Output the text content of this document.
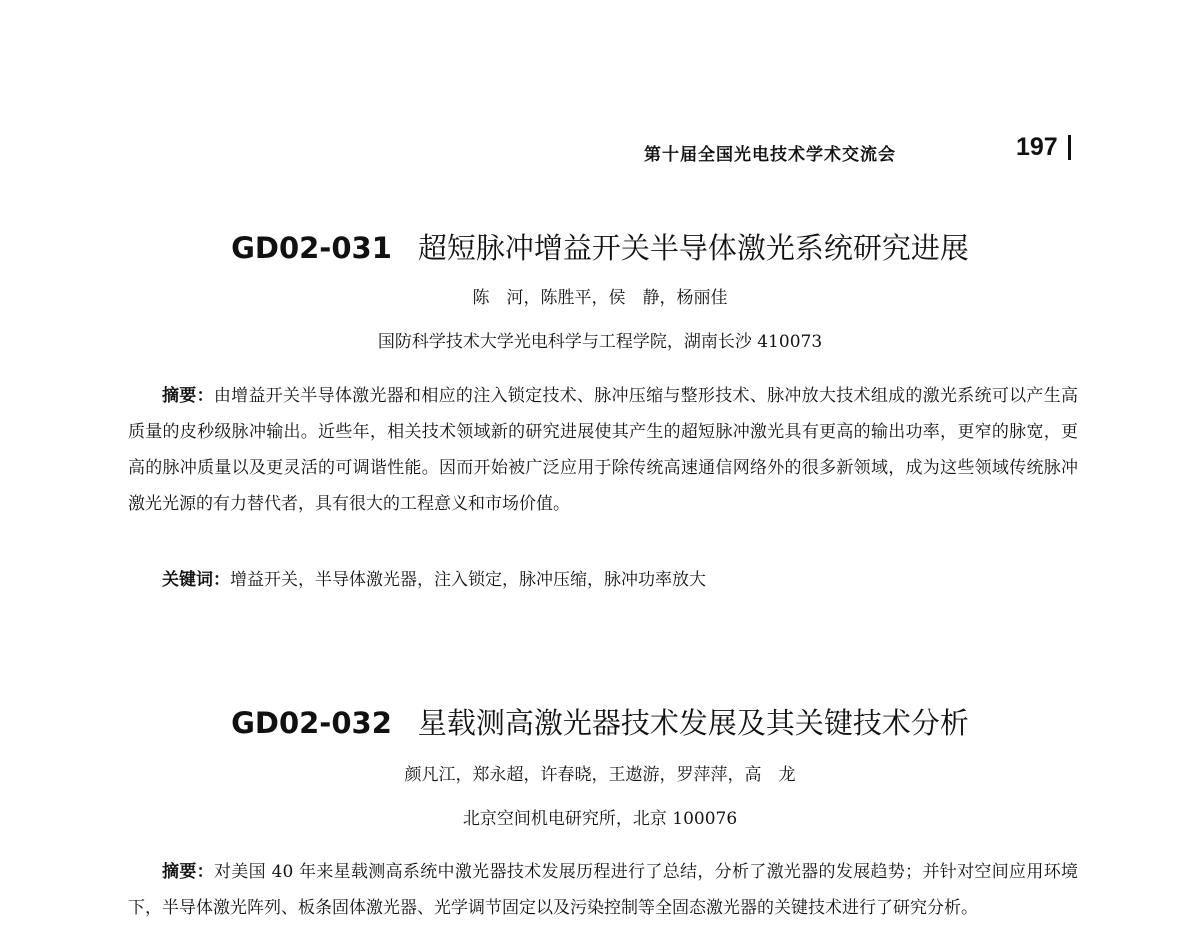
第十届全国光电技术学术交流会	197
GD02-031 超短脉冲增益开关半导体激光系统研究进展
陈　河，陈胜平，侯　静，杨丽佳
国防科学技术大学光电科学与工程学院，湖南长沙 410073

摘要：由增益开关半导体激光器和相应的注入锁定技术、脉冲压缩与整形技术、脉冲放大技术组成的激光系统可以产生高质量的皮秒级脉冲输出。近些年，相关技术领域新的研究进展使其产生的超短脉冲激光具有更高的输出功率，更窄的脉宽，更高的脉冲质量以及更灵活的可调谐性能。因而开始被广泛应用于除传统高速通信网络外的很多新领域，成为这些领域传统脉冲激光光源的有力替代者，具有很大的工程意义和市场价值。

关键词：增益开关，半导体激光器，注入锁定，脉冲压缩，脉冲功率放大

GD02-032 星载测高激光器技术发展及其关键技术分析
颜凡江，郑永超，许春晓，王遨游，罗萍萍，高　龙
北京空间机电研究所，北京 100076

摘要：对美国 40 年来星载测高系统中激光器技术发展历程进行了总结，分析了激光器的发展趋势；并针对空间应用环境下，半导体激光阵列、板条固体激光器、光学调节固定以及污染控制等全固态激光器的关键技术进行了研究分析。
